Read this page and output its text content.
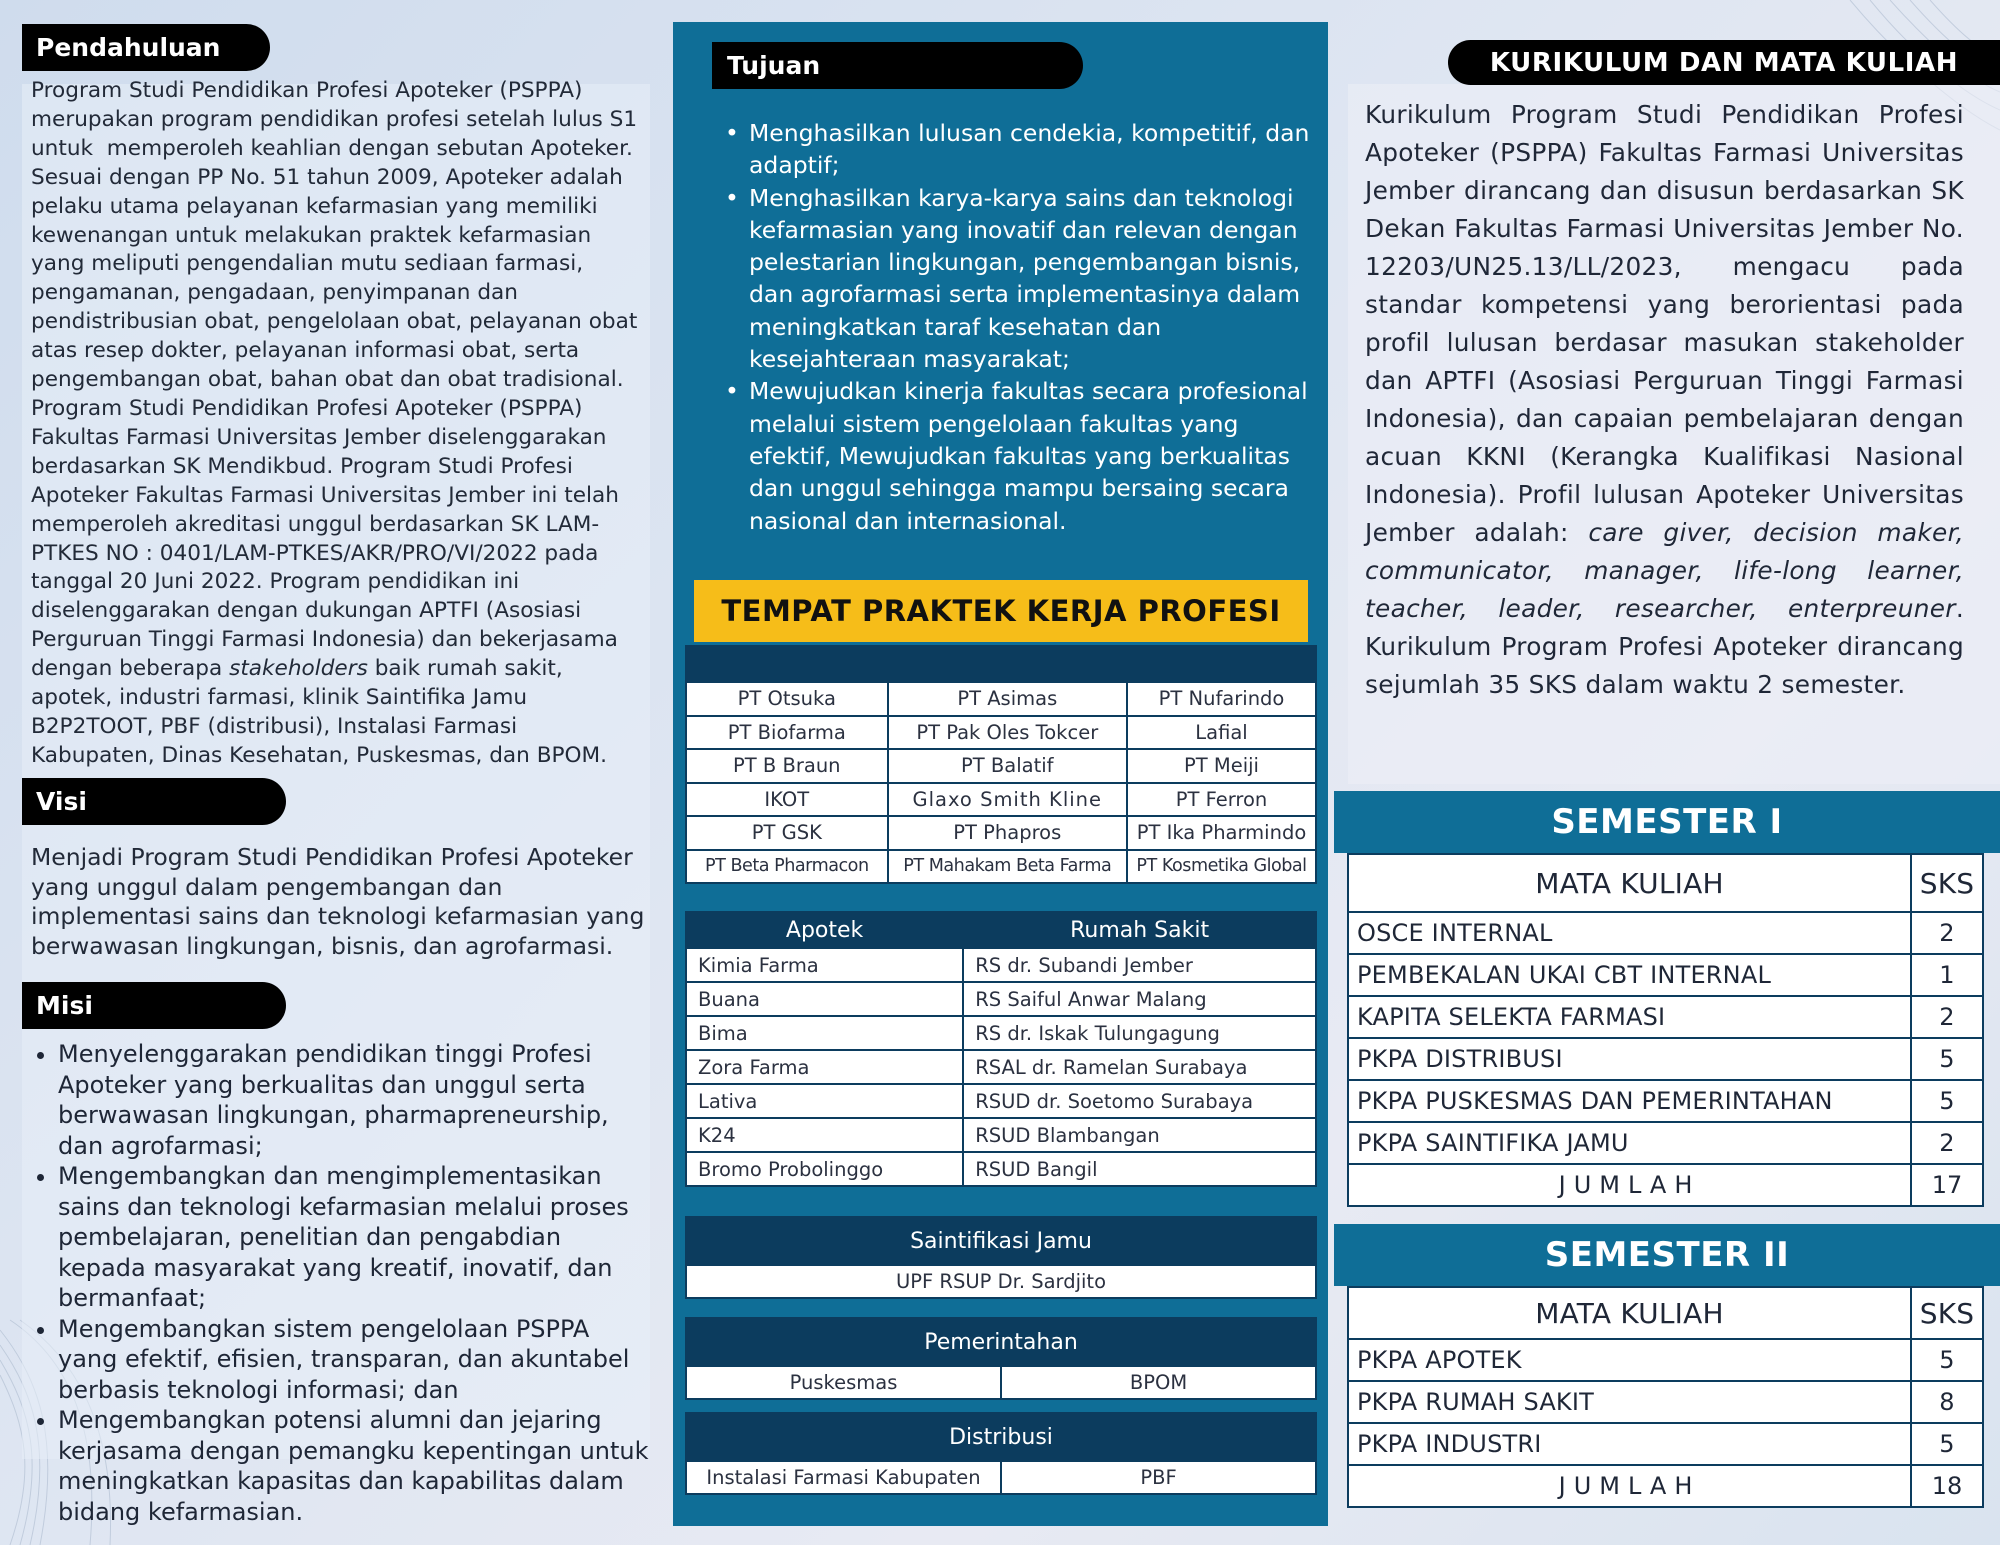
Pendahuluan
Program Studi Pendidikan Profesi Apoteker (PSPPA)
merupakan program pendidikan profesi setelah lulus S1
untuk  memperoleh keahlian dengan sebutan Apoteker.
Sesuai dengan PP No. 51 tahun 2009, Apoteker adalah
pelaku utama pelayanan kefarmasian yang memiliki
kewenangan untuk melakukan praktek kefarmasian
yang meliputi pengendalian mutu sediaan farmasi,
pengamanan, pengadaan, penyimpanan dan
pendistribusian obat, pengelolaan obat, pelayanan obat
atas resep dokter, pelayanan informasi obat, serta
pengembangan obat, bahan obat dan obat tradisional.
Program Studi Pendidikan Profesi Apoteker (PSPPA)
Fakultas Farmasi Universitas Jember diselenggarakan
berdasarkan SK Mendikbud. Program Studi Profesi
Apoteker Fakultas Farmasi Universitas Jember ini telah
memperoleh akreditasi unggul berdasarkan SK LAM-
PTKES NO : 0401/LAM-PTKES/AKR/PRO/VI/2022 pada
tanggal 20 Juni 2022. Program pendidikan ini
diselenggarakan dengan dukungan APTFI (Asosiasi
Perguruan Tinggi Farmasi Indonesia) dan bekerjasama
dengan beberapa stakeholders baik rumah sakit,
apotek, industri farmasi, klinik Saintifika Jamu
B2P2TOOT, PBF (distribusi), Instalasi Farmasi
Kabupaten, Dinas Kesehatan, Puskesmas, dan BPOM.
Visi
Menjadi Program Studi Pendidikan Profesi Apoteker
yang unggul dalam pengembangan dan
implementasi sains dan teknologi kefarmasian yang
berwawasan lingkungan, bisnis, dan agrofarmasi.
Misi
• Menyelenggarakan pendidikan tinggi Profesi Apoteker yang berkualitas dan unggul serta berwawasan lingkungan, pharmapreneurship, dan agrofarmasi;
• Mengembangkan dan mengimplementasikan sains dan teknologi kefarmasian melalui proses pembelajaran, penelitian dan pengabdian kepada masyarakat yang kreatif, inovatif, dan bermanfaat;
• Mengembangkan sistem pengelolaan PSPPA yang efektif, efisien, transparan, dan akuntabel berbasis teknologi informasi; dan
• Mengembangkan potensi alumni dan jejaring kerjasama dengan pemangku kepentingan untuk meningkatkan kapasitas dan kapabilitas dalam bidang kefarmasian.
Tujuan
• Menghasilkan lulusan cendekia, kompetitif, dan adaptif;
• Menghasilkan karya-karya sains dan teknologi kefarmasian yang inovatif dan relevan dengan pelestarian lingkungan, pengembangan bisnis, dan agrofarmasi serta implementasinya dalam meningkatkan taraf kesehatan dan kesejahteraan masyarakat;
• Mewujudkan kinerja fakultas secara profesional melalui sistem pengelolaan fakultas yang efektif, Mewujudkan fakultas yang berkualitas dan unggul sehingga mampu bersaing secara nasional dan internasional.
TEMPAT PRAKTEK KERJA PROFESI

PT Otsuka	PT Asimas	PT Nufarindo
PT Biofarma	PT Pak Oles Tokcer	Lafial
PT B Braun	PT Balatif	PT Meiji
IKOT	Glaxo Smith Kline	PT Ferron
PT GSK	PT Phapros	PT Ika Pharmindo
PT Beta Pharmacon	PT Mahakam Beta Farma	PT Kosmetika Global
Apotek	Rumah Sakit
Kimia Farma	RS dr. Subandi Jember
Buana	RS Saiful Anwar Malang
Bima	RS dr. Iskak Tulungagung
Zora Farma	RSAL dr. Ramelan Surabaya
Lativa	RSUD dr. Soetomo Surabaya
K24	RSUD Blambangan
Bromo Probolinggo	RSUD Bangil
Saintifikasi Jamu
UPF RSUP Dr. Sardjito
Pemerintahan
Puskesmas	BPOM
Distribusi
Instalasi Farmasi Kabupaten	PBF
KURIKULUM DAN MATA KULIAH
Kurikulum Program Studi Pendidikan Profesi Apoteker (PSPPA) Fakultas Farmasi Universitas Jember dirancang dan disusun berdasarkan SK Dekan Fakultas Farmasi Universitas Jember No. 12203/UN25.13/LL/2023, mengacu pada standar kompetensi yang berorientasi pada profil lulusan berdasar masukan stakeholder dan APTFI (Asosiasi Perguruan Tinggi Farmasi Indonesia), dan capaian pembelajaran dengan acuan KKNI (Kerangka Kualifikasi Nasional Indonesia). Profil lulusan Apoteker Universitas Jember adalah: care giver, decision maker, communicator, manager, life-long learner, teacher, leader, researcher, enterpreuner. Kurikulum Program Profesi Apoteker dirancang sejumlah 35 SKS dalam waktu 2 semester.
SEMESTER I
MATA KULIAH	SKS
OSCE INTERNAL	2
PEMBEKALAN UKAI CBT INTERNAL	1
KAPITA SELEKTA FARMASI	2
PKPA DISTRIBUSI	5
PKPA PUSKESMAS DAN PEMERINTAHAN	5
PKPA SAINTIFIKA JAMU	2
JUMLAH	17
SEMESTER II
MATA KULIAH	SKS
PKPA APOTEK	5
PKPA RUMAH SAKIT	8
PKPA INDUSTRI	5
JUMLAH	18
